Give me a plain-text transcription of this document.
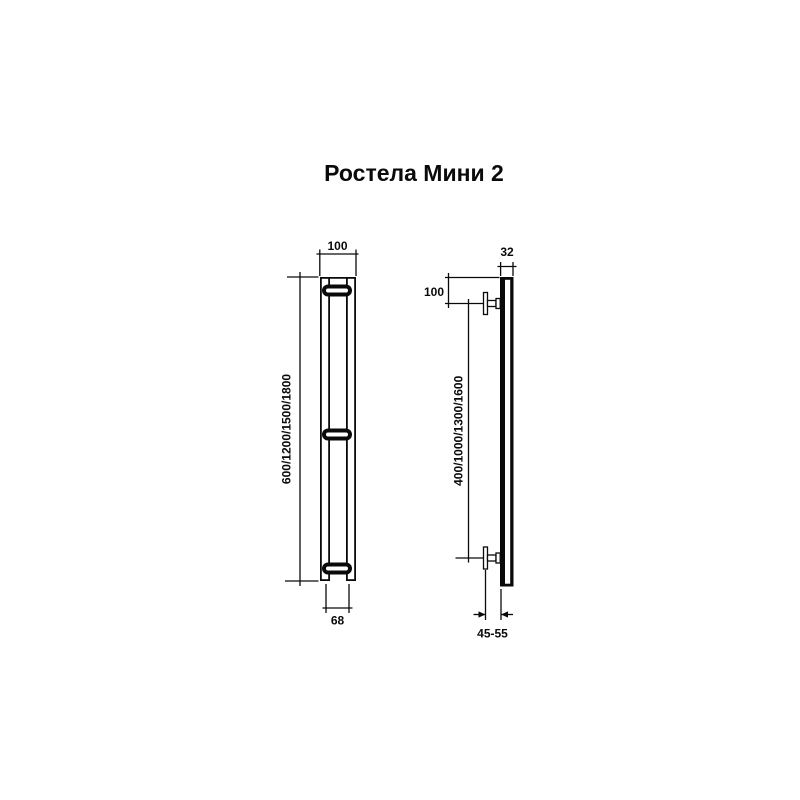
Ростела Мини 2
100
600/1200/1500/1800
68
32
100
400/1000/1300/1600
45-55
